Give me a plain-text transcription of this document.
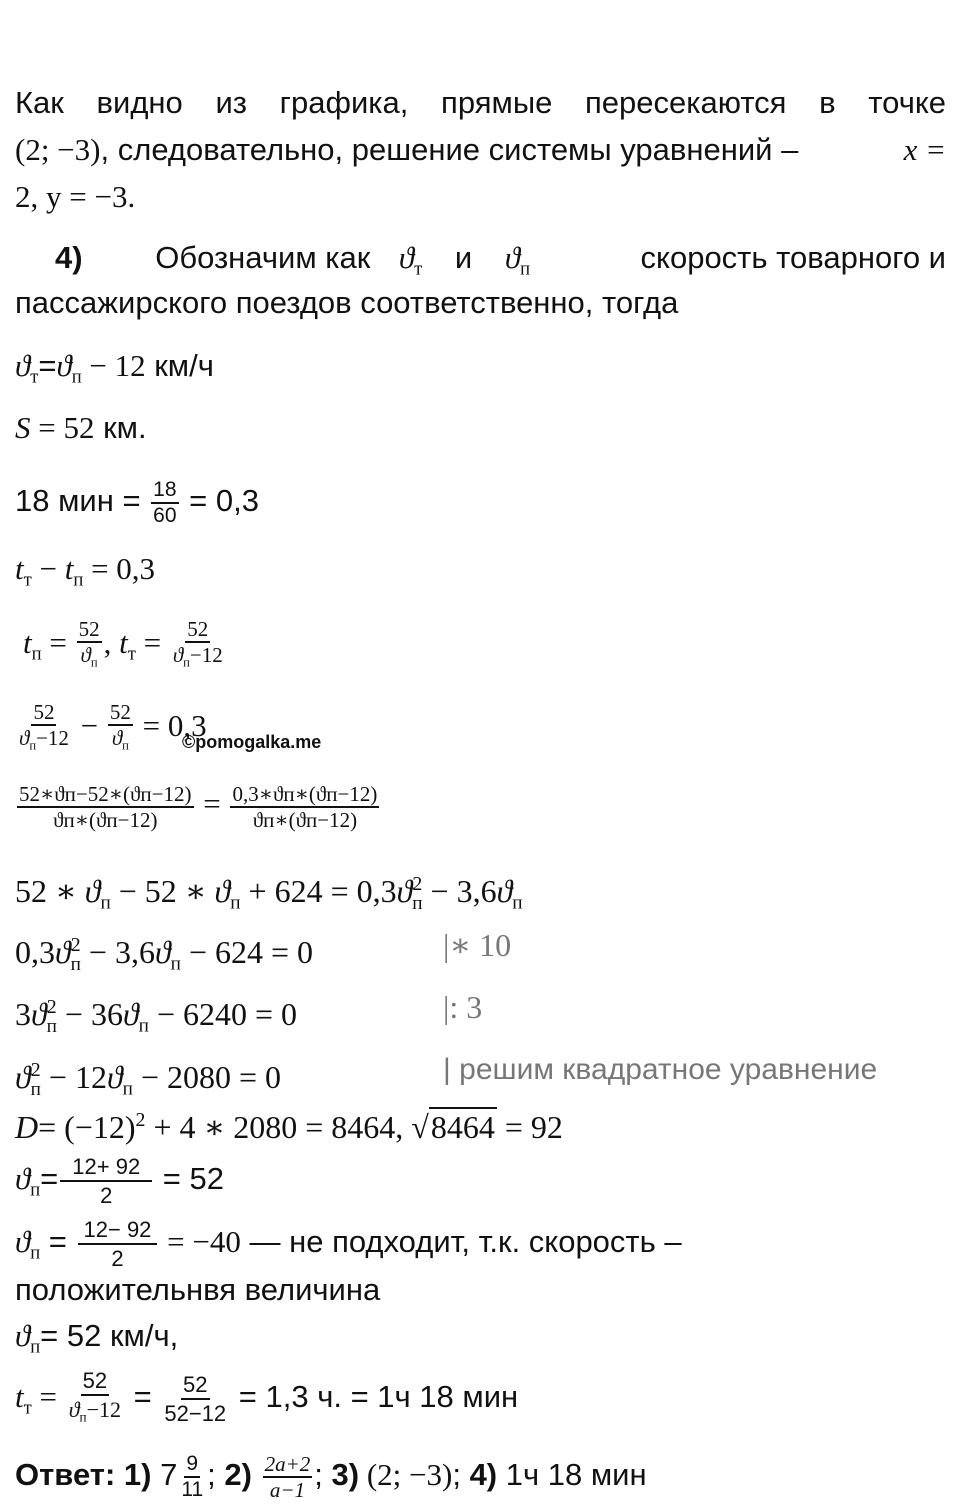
Как видно из графика, прямые пересекаются в точке
(2; −3), следовательно, решение системы уравнений –	x =
2, y = −3.
4) Обозначим как $ϑ_т$ и $ϑ_п$	скорость товарного и
пассажирского поездов соответственно, тогда
$ϑ_т=ϑ_п - 12$ км/ч
S = 52 км.
18 мин = $\frac{18}{60} = 0,3$
$t_т - t_п = 0,3$
$t_п = \frac{52}{ϑ_п}$ , $t_т = \frac{52}{ϑ_п-12}$
$\frac{52}{ϑ_п-12} - \frac{52}{ϑ_п} = 0,3$
©pomogalka.me
$\frac{52∗ϑп-52∗(ϑп-12)}{ϑп∗(ϑп-12)} = \frac{0,3∗ϑп∗(ϑп-12)}{ϑп∗(ϑп-12)}$
52 ∗ $ϑ_п - 52$ ∗ $ϑ_п + 624 = 0,3ϑ^2_п - 3,6ϑ_п$
$0,3ϑ^2_п - 3,6ϑ_п - 624 = 0$	|∗ 10
$3ϑ^2_п - 36ϑ_п - 6240 = 0$	|: 3
$ϑ^2_п - 12ϑ_п - 2080 = 0$	| решим квадратное уравнение
$D= (-12)^2 + 4$ ∗ 2080 = 8464, √8464 = 92
$ϑ_п= \frac{12+ 92}{2} = 52$
$ϑ_п = \frac{12- 92}{2} = -40$ — не подходит, т.к. скорость –
положительнвя величина
$ϑ_п= 52$ км/ч,
$t_т = \frac{52}{ϑ_п-12} = \frac{52}{52-12} = 1,3$ ч. = 1ч 18 мин
Ответ: 1) $7 \frac{9}{11}$ ; $2) \frac{2a+2}{a-1}$ ; 3) (2; −3); 4) 1ч 18 мин
